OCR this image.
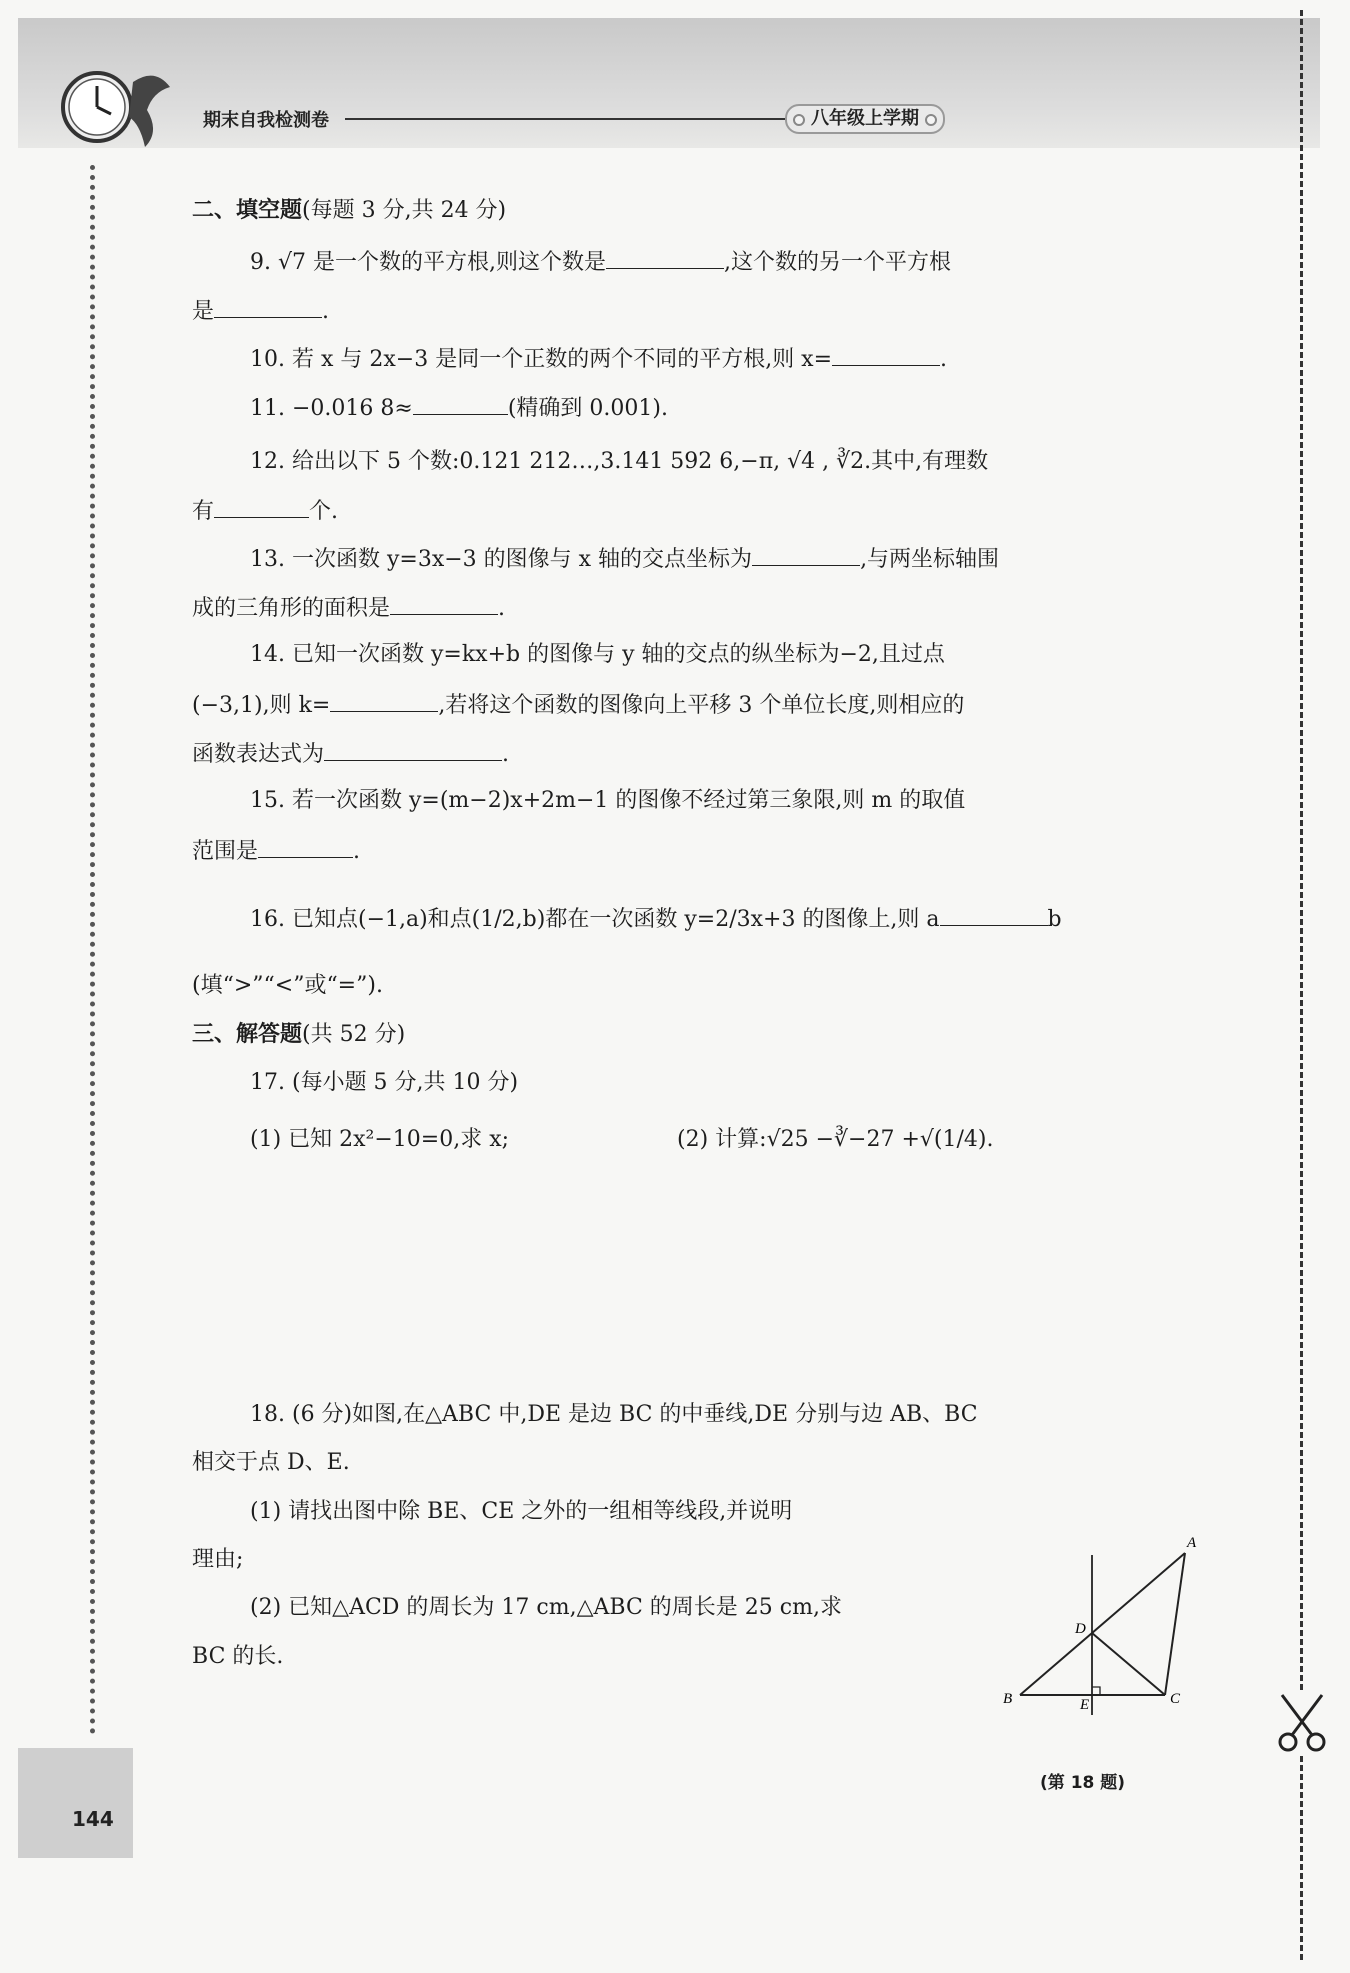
期末自我检测卷	八年级上学期
144
二、填空题(每题 3 分,共 24 分)
9. √7 是一个数的平方根,则这个数是	,这个数的另一个平方根
是	.
10. 若 x 与 2x−3 是同一个正数的两个不同的平方根,则 x=	.
11. −0.016 8≈	(精确到 0.001).
12. 给出以下 5 个数:0.121 212…,3.141 592 6,−π, √4 , ∛2.其中,有理数
有	个.
13. 一次函数 y=3x−3 的图像与 x 轴的交点坐标为	,与两坐标轴围
成的三角形的面积是	.
14. 已知一次函数 y=kx+b 的图像与 y 轴的交点的纵坐标为−2,且过点
(−3,1),则 k=	,若将这个函数的图像向上平移 3 个单位长度,则相应的
函数表达式为	.
15. 若一次函数 y=(m−2)x+2m−1 的图像不经过第三象限,则 m 的取值
范围是	.
16. 已知点(−1,a)和点(1/2,b)都在一次函数 y=2/3x+3 的图像上,则 a	b
(填“>”“<”或“=”).
三、解答题(共 52 分)
17. (每小题 5 分,共 10 分)
(1) 已知 2x²−10=0,求 x;	(2) 计算:√25 −∛−27 +√(1/4).
18. (6 分)如图,在△ABC 中,DE 是边 BC 的中垂线,DE 分别与边 AB、BC
相交于点 D、E.
(1) 请找出图中除 BE、CE 之外的一组相等线段,并说明
理由;
(2) 已知△ACD 的周长为 17 cm,△ABC 的周长是 25 cm,求
BC 的长.
A
B	C
D
E
(第 18 题)
